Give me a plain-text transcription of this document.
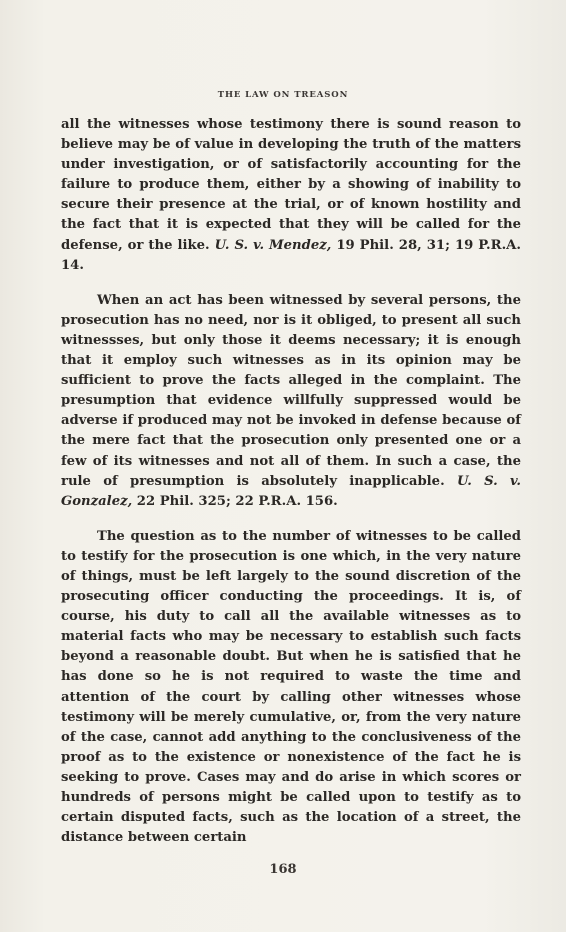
THE LAW ON TREASON

all the witnesses whose testimony there is sound reason to believe may be of value in developing the truth of the matters under investigation, or of satisfactorily accounting for the failure to produce them, either by a showing of inability to secure their presence at the trial, or of known hostility and the fact that it is expected that they will be called for the defense, or the like. U. S. v. Mendez, 19 Phil. 28, 31; 19 P.R.A. 14.

When an act has been witnessed by several persons, the prosecution has no need, nor is it obliged, to present all such witnessses, but only those it deems necessary; it is enough that it employ such witnesses as in its opinion may be sufficient to prove the facts alleged in the complaint. The presumption that evidence willfully suppressed would be adverse if produced may not be invoked in defense because of the mere fact that the prosecution only presented one or a few of its witnesses and not all of them. In such a case, the rule of presumption is absolutely inapplicable. U. S. v. Gonzalez, 22 Phil. 325; 22 P.R.A. 156.

The question as to the number of witnesses to be called to testify for the prosecution is one which, in the very nature of things, must be left largely to the sound discretion of the prosecuting officer conducting the proceedings. It is, of course, his duty to call all the available witnesses as to material facts who may be necessary to establish such facts beyond a reasonable doubt. But when he is satisfied that he has done so he is not required to waste the time and attention of the court by calling other witnesses whose testimony will be merely cumulative, or, from the very nature of the case, cannot add anything to the conclusiveness of the proof as to the existence or nonexistence of the fact he is seeking to prove. Cases may and do arise in which scores or hundreds of persons might be called upon to testify as to certain disputed facts, such as the location of a street, the distance between certain

168
